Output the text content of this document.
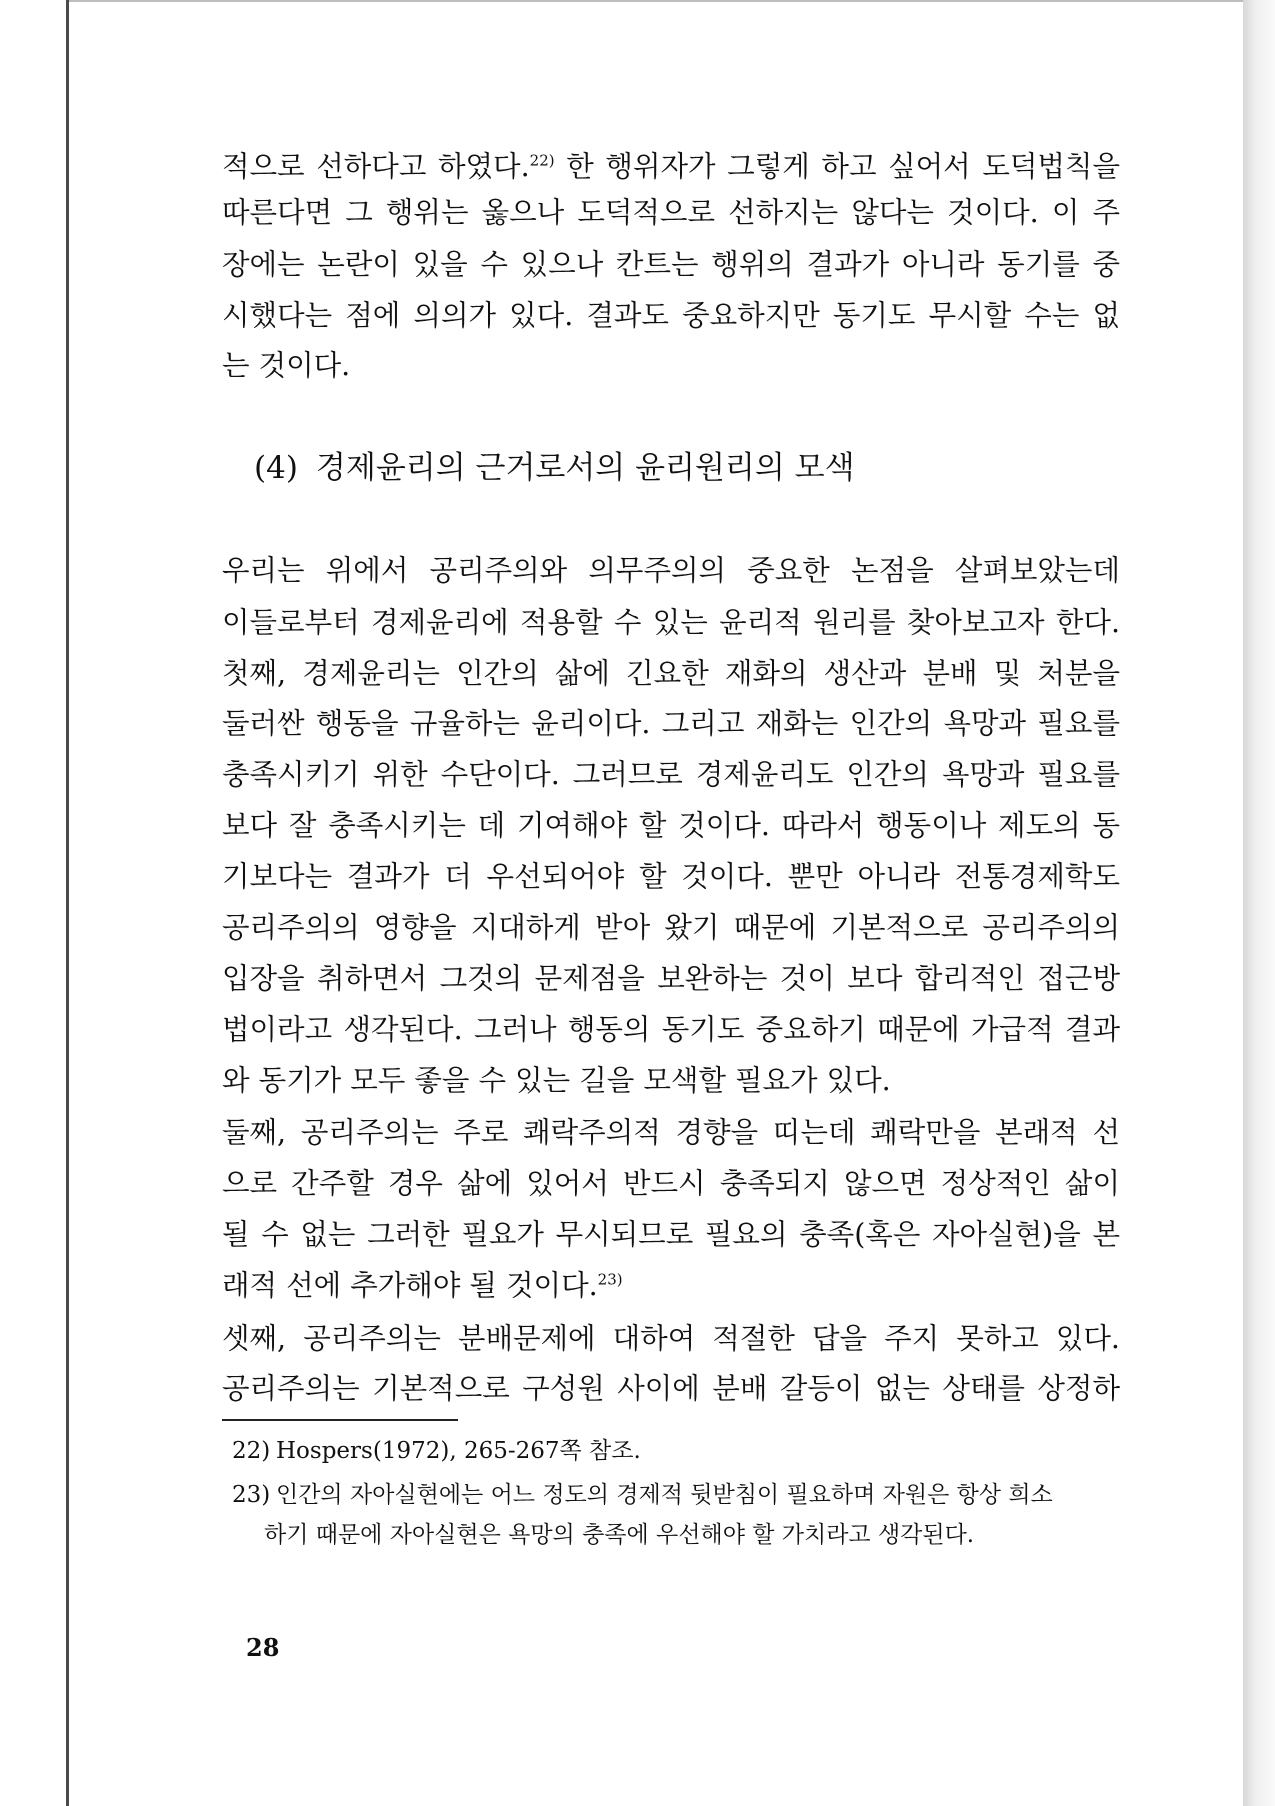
적으로 선하다고 하였다.$^{22)}$ 한 행위자가 그렇게 하고 싶어서 도덕법칙을
따른다면 그 행위는 옳으나 도덕적으로 선하지는 않다는 것이다. 이 주
장에는 논란이 있을 수 있으나 칸트는 행위의 결과가 아니라 동기를 중
시했다는 점에 의의가 있다. 결과도 중요하지만 동기도 무시할 수는 없
는 것이다.
(4) 경제윤리의 근거로서의 윤리원리의 모색
우리는 위에서 공리주의와 의무주의의 중요한 논점을 살펴보았는데
이들로부터 경제윤리에 적용할 수 있는 윤리적 원리를 찾아보고자 한다.
첫째, 경제윤리는 인간의 삶에 긴요한 재화의 생산과 분배 및 처분을
둘러싼 행동을 규율하는 윤리이다. 그리고 재화는 인간의 욕망과 필요를
충족시키기 위한 수단이다. 그러므로 경제윤리도 인간의 욕망과 필요를
보다 잘 충족시키는 데 기여해야 할 것이다. 따라서 행동이나 제도의 동
기보다는 결과가 더 우선되어야 할 것이다. 뿐만 아니라 전통경제학도
공리주의의 영향을 지대하게 받아 왔기 때문에 기본적으로 공리주의의
입장을 취하면서 그것의 문제점을 보완하는 것이 보다 합리적인 접근방
법이라고 생각된다. 그러나 행동의 동기도 중요하기 때문에 가급적 결과
와 동기가 모두 좋을 수 있는 길을 모색할 필요가 있다.
둘째, 공리주의는 주로 쾌락주의적 경향을 띠는데 쾌락만을 본래적 선
으로 간주할 경우 삶에 있어서 반드시 충족되지 않으면 정상적인 삶이
될 수 없는 그러한 필요가 무시되므로 필요의 충족(혹은 자아실현)을 본
래적 선에 추가해야 될 것이다.$^{23)}$
셋째, 공리주의는 분배문제에 대하여 적절한 답을 주지 못하고 있다.
공리주의는 기본적으로 구성원 사이에 분배 갈등이 없는 상태를 상정하
22) Hospers(1972), 265-267쪽 참조.
23) 인간의 자아실현에는 어느 정도의 경제적 뒷받침이 필요하며 자원은 항상 희소
하기 때문에 자아실현은 욕망의 충족에 우선해야 할 가치라고 생각된다.
28
